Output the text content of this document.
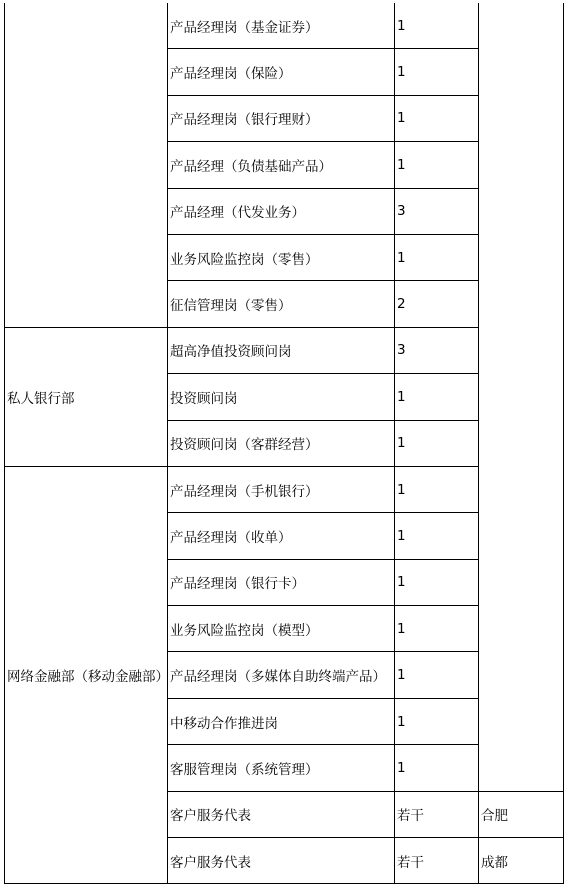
	产品经理岗（基金证券）	1	
	产品经理岗（保险）	1	
	产品经理岗（银行理财）	1	
	产品经理（负债基础产品）	1	
	产品经理（代发业务）	3	
	业务风险监控岗（零售）	1	
	征信管理岗（零售）	2	
私人银行部	超高净值投资顾问岗	3	
	投资顾问岗	1	
	投资顾问岗（客群经营）	1	
网络金融部（移动金融部）	产品经理岗（手机银行）	1	
	产品经理岗（收单）	1	
	产品经理岗（银行卡）	1	
	业务风险监控岗（模型）	1	
	产品经理岗（多媒体自助终端产品）	1	
	中移动合作推进岗	1	
	客服管理岗（系统管理）	1	
	客户服务代表	若干	合肥
	客户服务代表	若干	成都
